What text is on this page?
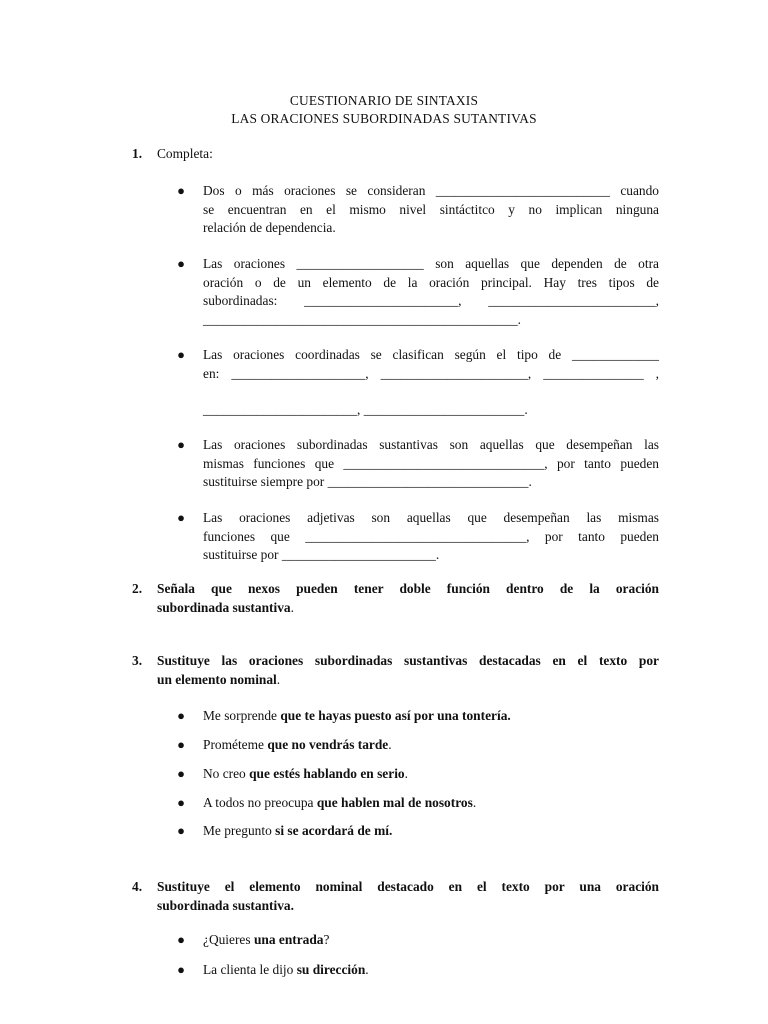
CUESTIONARIO DE SINTAXIS
LAS ORACIONES SUBORDINADAS SUTANTIVAS
1. Completa:
● Dos o más oraciones se consideran __________________________ cuando
se encuentran en el mismo nivel sintáctitco y no implican ninguna
relación de dependencia.
● Las oraciones ___________________ son aquellas que dependen de otra
oración o de un elemento de la oración principal. Hay tres tipos de
subordinadas: _______________________, _________________________,
_______________________________________________.
● Las oraciones coordinadas se clasifican según el tipo de _____________
en: ____________________, ______________________, _______________ ,
_______________________, ________________________.
● Las oraciones subordinadas sustantivas son aquellas que desempeñan las
mismas funciones que ______________________________, por tanto pueden
sustituirse siempre por ______________________________.
● Las oraciones adjetivas son aquellas que desempeñan las mismas
funciones que _________________________________, por tanto pueden
sustituirse por _______________________.
2. Señala que nexos pueden tener doble función dentro de la oración
subordinada sustantiva.
3. Sustituye las oraciones subordinadas sustantivas destacadas en el texto por
un elemento nominal.
● Me sorprende que te hayas puesto así por una tontería.
● Prométeme que no vendrás tarde.
● No creo que estés hablando en serio.
● A todos no preocupa que hablen mal de nosotros.
● Me pregunto si se acordará de mí.
4. Sustituye el elemento nominal destacado en el texto por una oración
subordinada sustantiva.
● ¿Quieres una entrada?
● La clienta le dijo su dirección.
